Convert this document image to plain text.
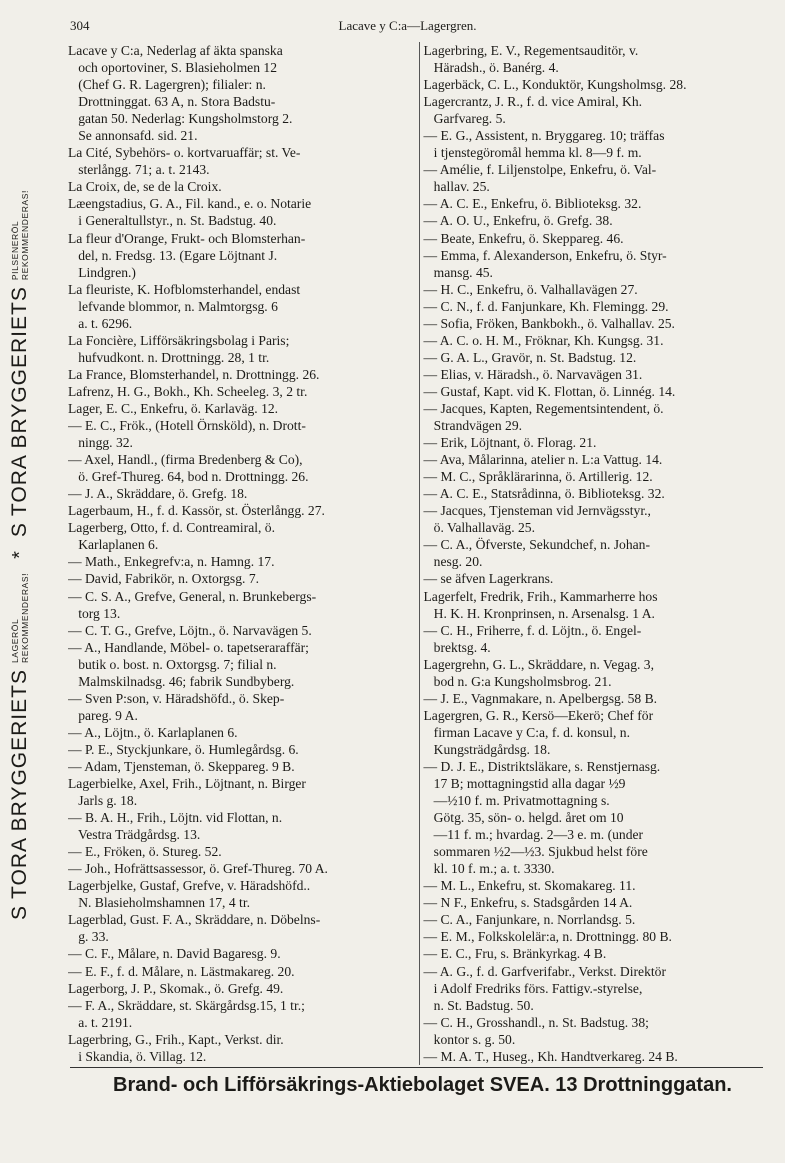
304	Lacave y C:a—Lagergren.
S
TORA BRYGGERIETS
LAGERÖL REKOMMENDERAS!
*
S
TORA BRYGGERIETS
PILSENERÖL REKOMMENDERAS!
Lacave y C:a, Nederlag af äkta spanska
och oportoviner, S. Blasieholmen 12
(Chef G. R. Lagergren); filialer: n.
Drottninggat. 63 A, n. Stora Badstu-
gatan 50. Nederlag: Kungsholmstorg 2.
Se annonsafd. sid. 21.
La Cité, Sybehörs- o. kortvaruaffär; st. Ve-
sterlångg. 71; a. t. 2143.
La Croix, de, se de la Croix.
Læengstadius, G. A., Fil. kand., e. o. Notarie
i Generaltullstyr., n. St. Badstug. 40.
La fleur d'Orange, Frukt- och Blomsterhan-
del, n. Fredsg. 13. (Egare Löjtnant J.
Lindgren.)
La fleuriste, K. Hofblomsterhandel, endast
lefvande blommor, n. Malmtorgsg. 6
a. t. 6296.
La Foncière, Lifförsäkringsbolag i Paris;
hufvudkont. n. Drottningg. 28, 1 tr.
La France, Blomsterhandel, n. Drottningg. 26.
Lafrenz, H. G., Bokh., Kh. Scheeleg. 3, 2 tr.
Lager, E. C., Enkefru, ö. Karlaväg. 12.
— E. C., Frök., (Hotell Örnsköld), n. Drott-
ningg. 32.
— Axel, Handl., (firma Bredenberg & Co),
ö. Gref-Thureg. 64, bod n. Drottningg. 26.
— J. A., Skräddare, ö. Grefg. 18.
Lagerbaum, H., f. d. Kassör, st. Österlångg. 27.
Lagerberg, Otto, f. d. Contreamiral, ö.
Karlaplanen 6.
— Math., Enkegrefv:a, n. Hamng. 17.
— David, Fabrikör, n. Oxtorgsg. 7.
— C. S. A., Grefve, General, n. Brunkebergs-
torg 13.
— C. T. G., Grefve, Löjtn., ö. Narvavägen 5.
— A., Handlande, Möbel- o. tapetseraraffär;
butik o. bost. n. Oxtorgsg. 7; filial n.
Malmskilnadsg. 46; fabrik Sundbyberg.
— Sven P:son, v. Häradshöfd., ö. Skep-
pareg. 9 A.
— A., Löjtn., ö. Karlaplanen 6.
— P. E., Styckjunkare, ö. Humlegårdsg. 6.
— Adam, Tjensteman, ö. Skeppareg. 9 B.
Lagerbielke, Axel, Frih., Löjtnant, n. Birger
Jarls g. 18.
— B. A. H., Frih., Löjtn. vid Flottan, n.
Vestra Trädgårdsg. 13.
— E., Fröken, ö. Stureg. 52.
— Joh., Hofrättsassessor, ö. Gref-Thureg. 70 A.
Lagerbjelke, Gustaf, Grefve, v. Häradshöfd..
N. Blasieholmshamnen 17, 4 tr.
Lagerblad, Gust. F. A., Skräddare, n. Döbelns-
g. 33.
— C. F., Målare, n. David Bagaresg. 9.
— E. F., f. d. Målare, n. Lästmakareg. 20.
Lagerborg, J. P., Skomak., ö. Grefg. 49.
— F. A., Skräddare, st. Skärgårdsg.15, 1 tr.;
a. t. 2191.
Lagerbring, G., Frih., Kapt., Verkst. dir.
i Skandia, ö. Villag. 12.
Lagerbring, E. V., Regementsauditör, v.
Häradsh., ö. Banérg. 4.
Lagerbäck, C. L., Konduktör, Kungsholmsg. 28.
Lagercrantz, J. R., f. d. vice Amiral, Kh.
Garfvareg. 5.
— E. G., Assistent, n. Bryggareg. 10; träffas
i tjenstegöromål hemma kl. 8—9 f. m.
— Amélie, f. Liljenstolpe, Enkefru, ö. Val-
hallav. 25.
— A. C. E., Enkefru, ö. Biblioteksg. 32.
— A. O. U., Enkefru, ö. Grefg. 38.
— Beate, Enkefru, ö. Skeppareg. 46.
— Emma, f. Alexanderson, Enkefru, ö. Styr-
mansg. 45.
— H. C., Enkefru, ö. Valhallavägen 27.
— C. N., f. d. Fanjunkare, Kh. Flemingg. 29.
— Sofia, Fröken, Bankbokh., ö. Valhallav. 25.
— A. C. o. H. M., Fröknar, Kh. Kungsg. 31.
— G. A. L., Gravör, n. St. Badstug. 12.
— Elias, v. Häradsh., ö. Narvavägen 31.
— Gustaf, Kapt. vid K. Flottan, ö. Linnég. 14.
— Jacques, Kapten, Regementsintendent, ö.
Strandvägen 29.
— Erik, Löjtnant, ö. Florag. 21.
— Ava, Målarinna, atelier n. L:a Vattug. 14.
— M. C., Språklärarinna, ö. Artillerig. 12.
— A. C. E., Statsrådinna, ö. Biblioteksg. 32.
— Jacques, Tjensteman vid Jernvägsstyr.,
ö. Valhallaväg. 25.
— C. A., Öfverste, Sekundchef, n. Johan-
nesg. 20.
— se äfven Lagerkrans.
Lagerfelt, Fredrik, Frih., Kammarherre hos
H. K. H. Kronprinsen, n. Arsenalsg. 1 A.
— C. H., Friherre, f. d. Löjtn., ö. Engel-
brektsg. 4.
Lagergrehn, G. L., Skräddare, n. Vegag. 3,
bod n. G:a Kungsholmsbrog. 21.
— J. E., Vagnmakare, n. Apelbergsg. 58 B.
Lagergren, G. R., Kersö—Ekerö; Chef för
firman Lacave y C:a, f. d. konsul, n.
Kungsträdgårdsg. 18.
— D. J. E., Distriktsläkare, s. Renstjernasg.
17 B; mottagningstid alla dagar ½9
—½10 f. m. Privatmottagning s.
Götg. 35, sön- o. helgd. året om 10
—11 f. m.; hvardag. 2—3 e. m. (under
sommaren ½2—½3. Sjukbud helst före
kl. 10 f. m.; a. t. 3330.
— M. L., Enkefru, st. Skomakareg. 11.
— N F., Enkefru, s. Stadsgården 14 A.
— C. A., Fanjunkare, n. Norrlandsg. 5.
— E. M., Folkskolelär:a, n. Drottningg. 80 B.
— E. C., Fru, s. Bränkyrkag. 4 B.
— A. G., f. d. Garfverifabr., Verkst. Direktör
i Adolf Fredriks förs. Fattigv.-styrelse,
n. St. Badstug. 50.
— C. H., Grosshandl., n. St. Badstug. 38;
kontor s. g. 50.
— M. A. T., Huseg., Kh. Handtverkareg. 24 B.
Brand- och Lifförsäkrings-Aktiebolaget SVEA. 13 Drottninggatan.
